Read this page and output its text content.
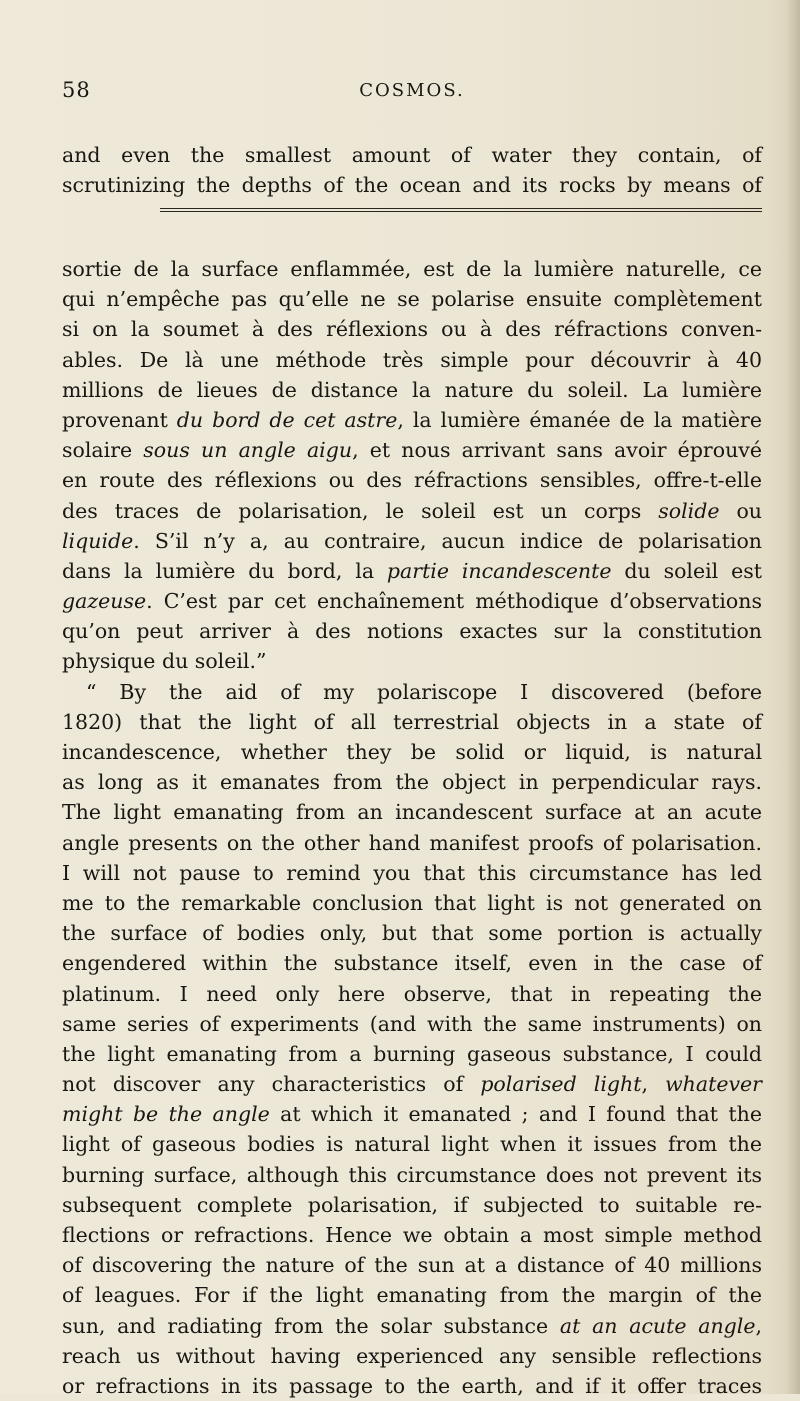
58	COSMOS.
and even the smallest amount of water they contain, of
scrutinizing the depths of the ocean and its rocks by means of
sortie de la surface enflammée, est de la lumière naturelle, ce
qui n’empêche pas qu’elle ne se polarise ensuite complètement
si on la soumet à des réflexions ou à des réfractions conven-
ables. De là une méthode très simple pour découvrir à 40
millions de lieues de distance la nature du soleil. La lumière
provenant du bord de cet astre, la lumière émanée de la matière
solaire sous un angle aigu, et nous arrivant sans avoir éprouvé
en route des réflexions ou des réfractions sensibles, offre-t-elle
des traces de polarisation, le soleil est un corps solide ou
liquide. S’il n’y a, au contraire, aucun indice de polarisation
dans la lumière du bord, la partie incandescente du soleil est
gazeuse. C’est par cet enchaînement méthodique d’observations
qu’on peut arriver à des notions exactes sur la constitution
physique du soleil.”
“ By the aid of my polariscope I discovered (before
1820) that the light of all terrestrial objects in a state of
incandescence, whether they be solid or liquid, is natural
as long as it emanates from the object in perpendicular rays.
The light emanating from an incandescent surface at an acute
angle presents on the other hand manifest proofs of polarisation.
I will not pause to remind you that this circumstance has led
me to the remarkable conclusion that light is not generated on
the surface of bodies only, but that some portion is actually
engendered within the substance itself, even in the case of
platinum. I need only here observe, that in repeating the
same series of experiments (and with the same instruments) on
the light emanating from a burning gaseous substance, I could
not discover any characteristics of polarised light, whatever
might be the angle at which it emanated ; and I found that the
light of gaseous bodies is natural light when it issues from the
burning surface, although this circumstance does not prevent its
subsequent complete polarisation, if subjected to suitable re-
flections or refractions. Hence we obtain a most simple method
of discovering the nature of the sun at a distance of 40 millions
of leagues. For if the light emanating from the margin of the
sun, and radiating from the solar substance at an acute angle,
reach us without having experienced any sensible reflections
or refractions in its passage to the earth, and if it offer traces
